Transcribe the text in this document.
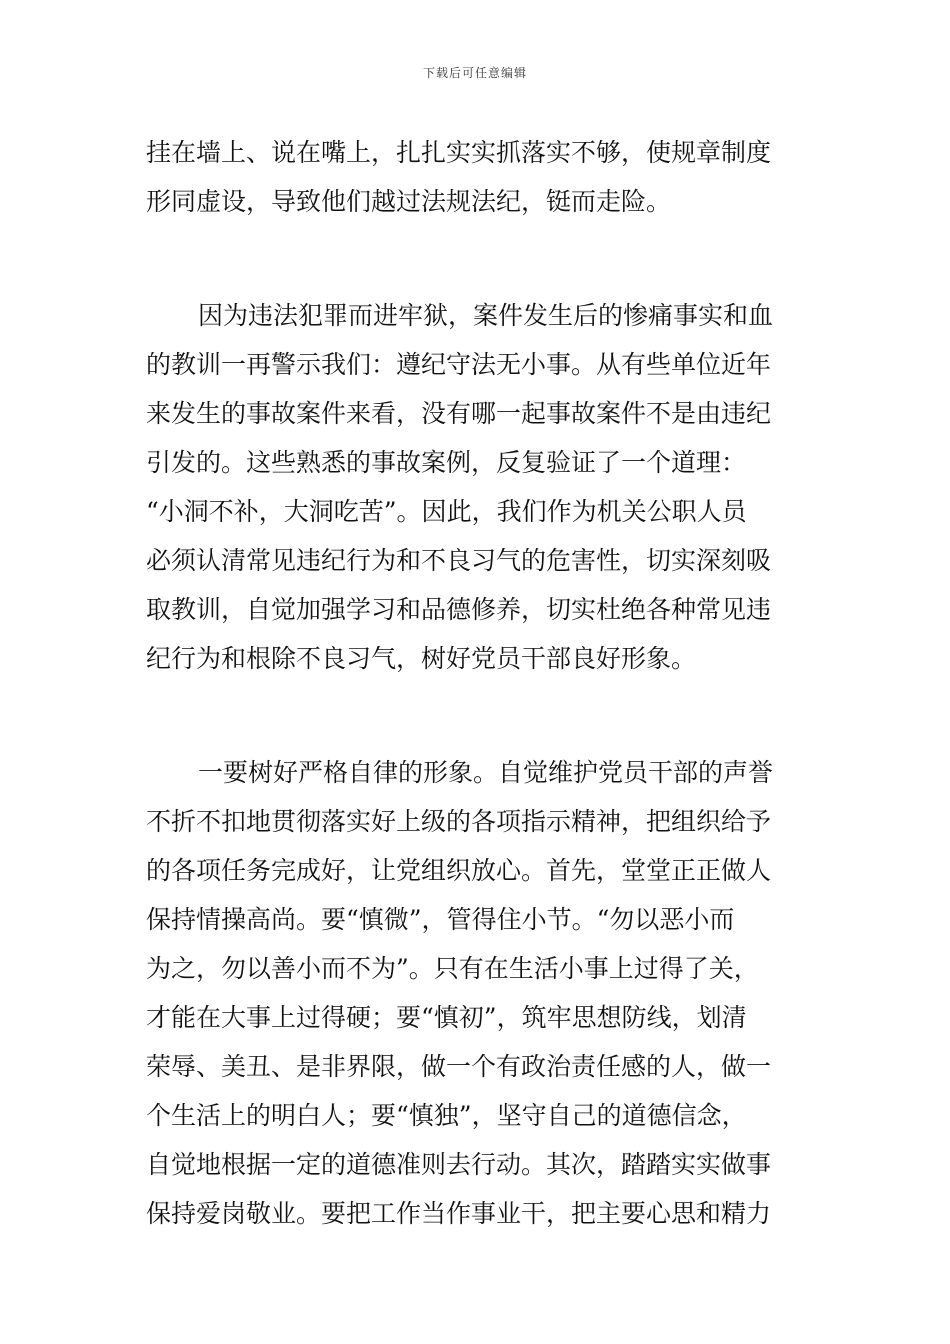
下载后可任意编辑
挂在墙上、说在嘴上，扎扎实实抓落实不够，使规章制度
形同虚设，导致他们越过法规法纪，铤而走险。
因为违法犯罪而进牢狱，案件发生后的惨痛事实和血
的教训一再警示我们：遵纪守法无小事。从有些单位近年
来发生的事故案件来看，没有哪一起事故案件不是由违纪
引发的。这些熟悉的事故案例，反复验证了一个道理：
“小洞不补，大洞吃苦”。因此，我们作为机关公职人员
必须认清常见违纪行为和不良习气的危害性，切实深刻吸
取教训，自觉加强学习和品德修养，切实杜绝各种常见违
纪行为和根除不良习气，树好党员干部良好形象。
一要树好严格自律的形象。自觉维护党员干部的声誉
不折不扣地贯彻落实好上级的各项指示精神，把组织给予
的各项任务完成好，让党组织放心。首先，堂堂正正做人
保持情操高尚。要“慎微”，管得住小节。“勿以恶小而
为之，勿以善小而不为”。只有在生活小事上过得了关，
才能在大事上过得硬；要“慎初”，筑牢思想防线，划清
荣辱、美丑、是非界限，做一个有政治责任感的人，做一
个生活上的明白人；要“慎独”，坚守自己的道德信念，
自觉地根据一定的道德准则去行动。其次，踏踏实实做事
保持爱岗敬业。要把工作当作事业干，把主要心思和精力
